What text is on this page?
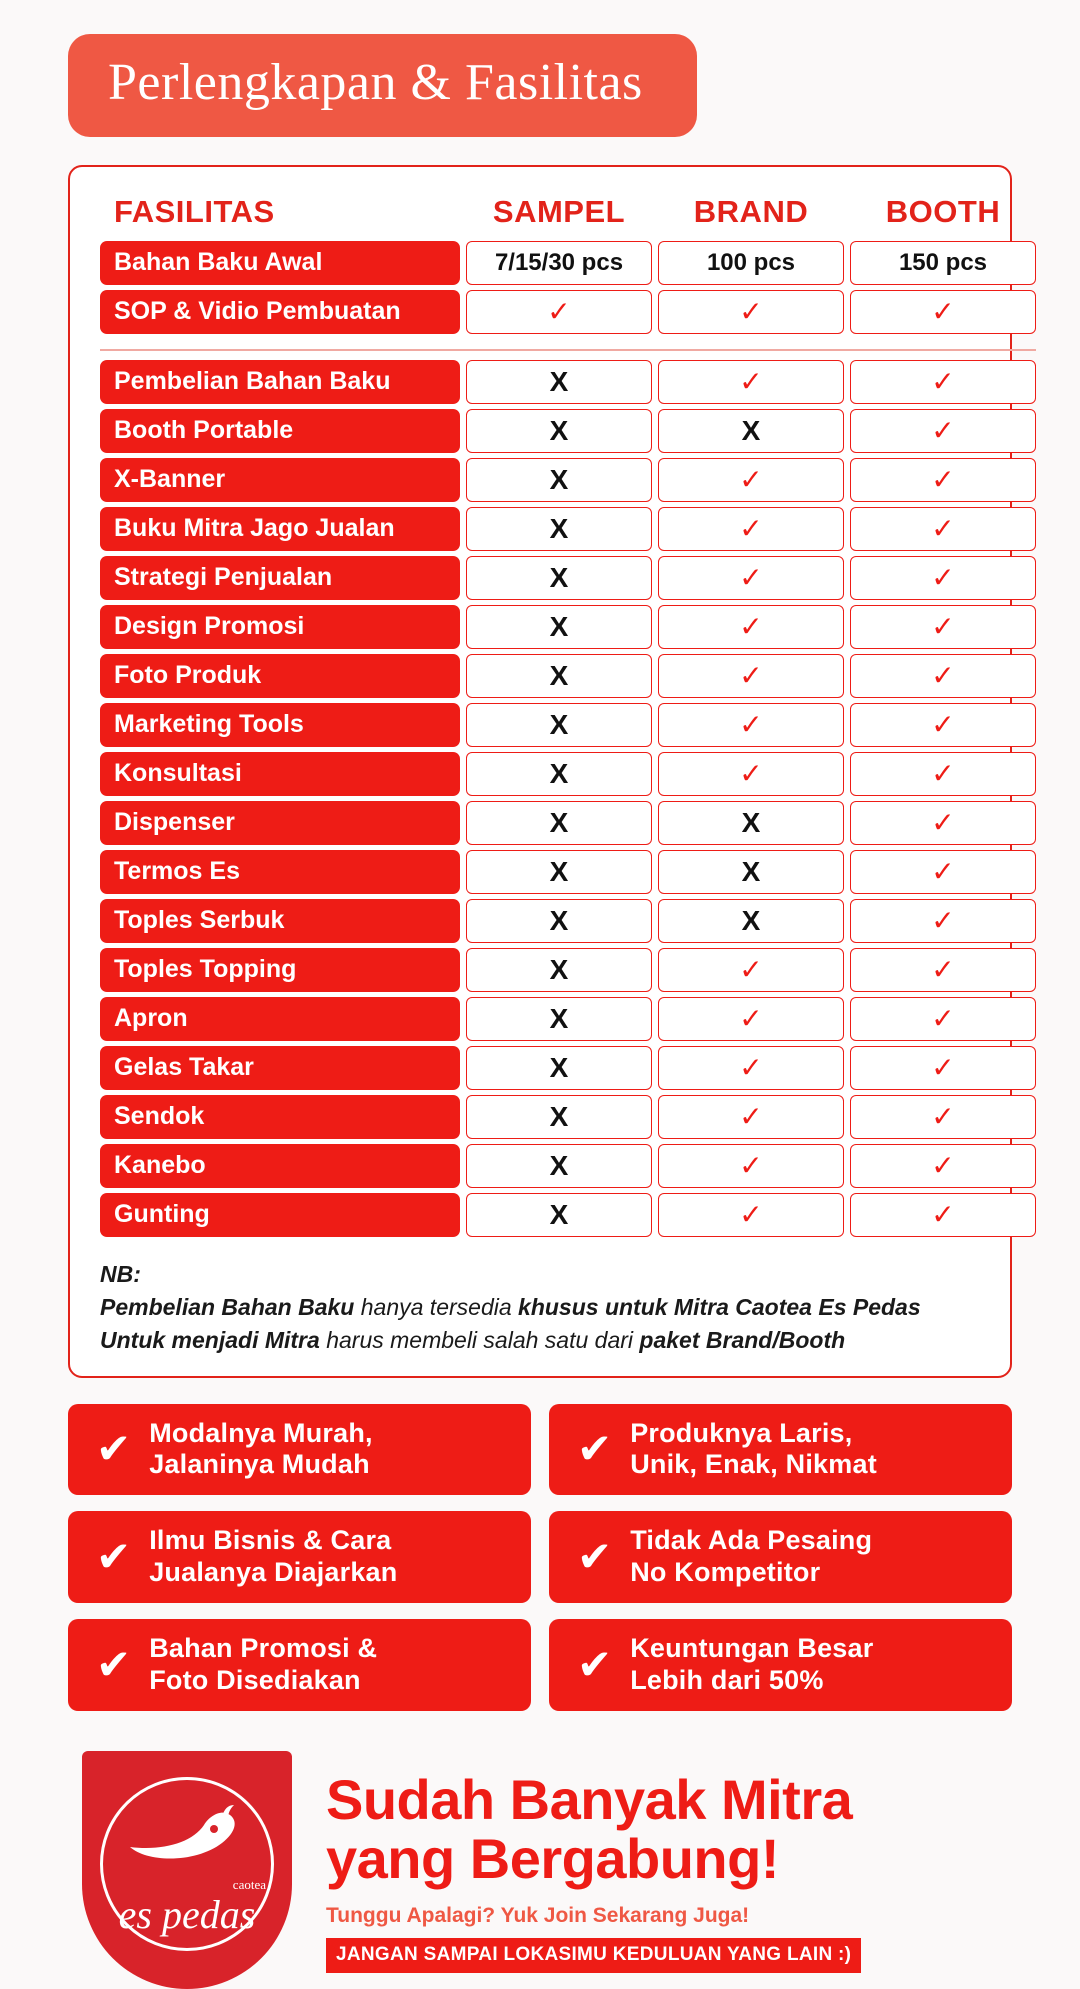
Perlengkapan & Fasilitas
FASILITAS	SAMPEL	BRAND	BOOTH
Bahan Baku Awal	7/15/30 pcs	100 pcs	150 pcs
SOP & Vidio Pembuatan	✓	✓	✓

Pembelian Bahan Baku	X	✓	✓
Booth Portable	X	X	✓
X-Banner	X	✓	✓
Buku Mitra Jago Jualan	X	✓	✓
Strategi Penjualan	X	✓	✓
Design Promosi	X	✓	✓
Foto Produk	X	✓	✓
Marketing Tools	X	✓	✓
Konsultasi	X	✓	✓
Dispenser	X	X	✓
Termos Es	X	X	✓
Toples Serbuk	X	X	✓
Toples Topping	X	✓	✓
Apron	X	✓	✓
Gelas Takar	X	✓	✓
Sendok	X	✓	✓
Kanebo	X	✓	✓
Gunting	X	✓	✓
NB:
Pembelian Bahan Baku hanya tersedia khusus untuk Mitra Caotea Es Pedas
Untuk menjadi Mitra harus membeli salah satu dari paket Brand/Booth
✔ Modalnya Murah,
Jalaninya Mudah	✔ Produknya Laris,
Unik, Enak, Nikmat
✔ Ilmu Bisnis & Cara
Jualanya Diajarkan	✔ Tidak Ada Pesaing
No Kompetitor
✔ Bahan Promosi &
Foto Disediakan	✔ Keuntungan Besar
Lebih dari 50%
caotea
es pedas
Sudah Banyak Mitra
yang Bergabung!
Tunggu Apalagi? Yuk Join Sekarang Juga!
JANGAN SAMPAI LOKASIMU KEDULUAN YANG LAIN :)
